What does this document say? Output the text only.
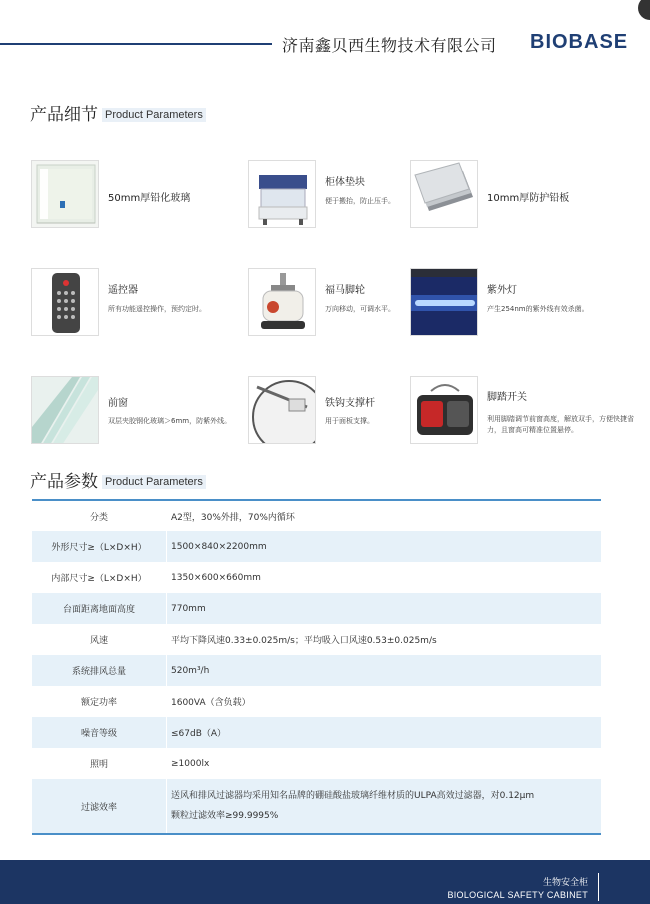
济南鑫贝西生物技术有限公司 BIOBASE
产品细节 Product Parameters
50mm厚铅化玻璃
柜体垫块
便于搬抬，防止压手。	10mm厚防护铅板
遥控器
所有功能遥控操作，预约定时。
福马脚轮
万向移动，可调水平。
紫外灯
产生254nm的紫外线有效杀菌。
前窗
双层夹胶钢化玻璃＞6mm，防紫外线。
铁钩支撑杆
用于面板支撑。
脚踏开关
利用脚踏调节前窗高度，解放双手，方便快捷省力，且窗高可精准位置悬停。
产品参数 Product Parameters
分类	A2型，30%外排，70%内循环
外形尺寸≥（L×D×H）	1500×840×2200mm
内部尺寸≥（L×D×H）	1350×600×660mm
台面距离地面高度	770mm
风速	平均下降风速0.33±0.025m/s；平均吸入口风速0.53±0.025m/s
系统排风总量	520m³/h
额定功率	1600VA（含负载）
噪音等级	≤67dB（A）
照明	≥1000lx
过滤效率	送风和排风过滤器均采用知名品牌的硼硅酸盐玻璃纤维材质的ULPA高效过滤器，对0.12μm
颗粒过滤效率≥99.9995%
生物安全柜
BIOLOGICAL SAFETY CABINET
